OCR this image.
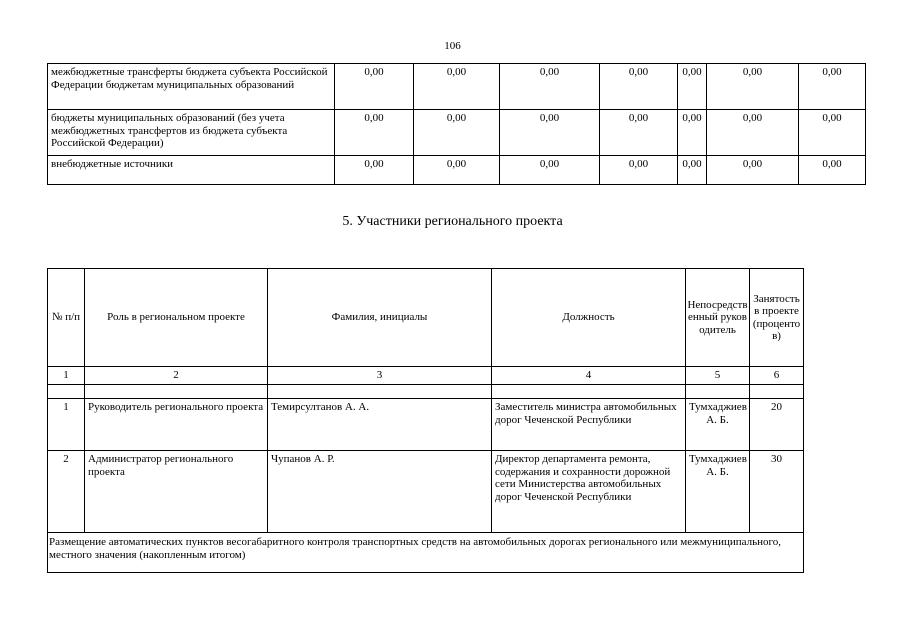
106
межбюджетные трансферты бюджета субъекта Российской Федерации бюджетам муниципальных образований	0,00	0,00	0,00	0,00	0,00	0,00	0,00
бюджеты муниципальных образований (без учета межбюджетных трансфертов из бюджета субъекта Российской Федерации)	0,00	0,00	0,00	0,00	0,00	0,00	0,00
внебюджетные источники	0,00	0,00	0,00	0,00	0,00	0,00	0,00
5. Участники регионального проекта
№ п/п	Роль в региональном проекте	Фамилия, инициалы	Должность	Непосредственный руководитель	Занятость в проекте (процентов)
1	2	3	4	5	6

1	Руководитель регионального проекта	Темирсултанов А. А.	Заместитель министра автомобильных дорог Чеченской Республики	Тумхаджиев А. Б.	20
2	Администратор регионального проекта	Чупанов А. Р.	Директор департамента ремонта, содержания и сохранности дорожной сети Министерства автомобильных дорог Чеченской Республики	Тумхаджиев А. Б.	30
Размещение автоматических пунктов весогабаритного контроля транспортных средств на автомобильных дорогах регионального или межмуниципального, местного значения (накопленным итогом)					
